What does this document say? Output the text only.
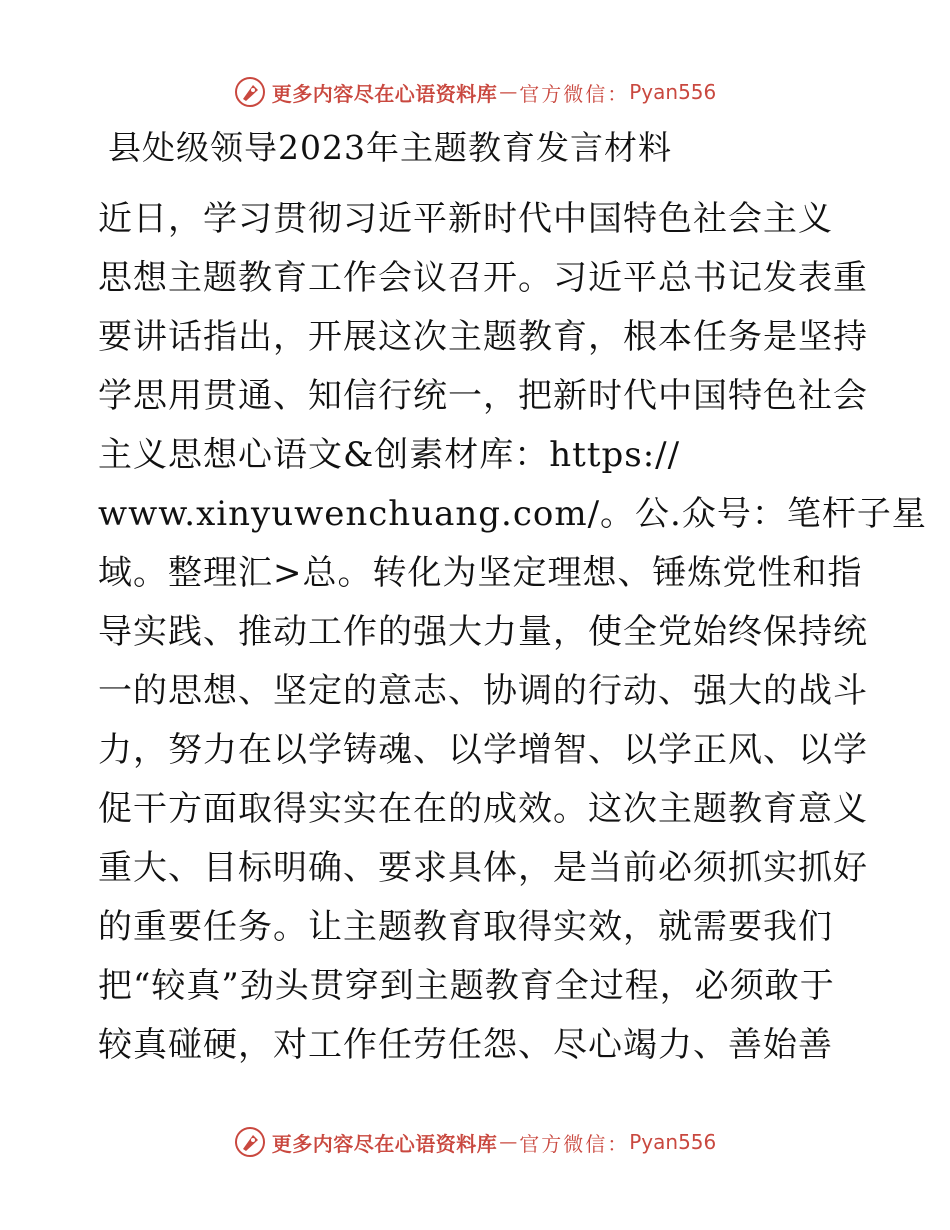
更多内容尽在心语资料库 — 官方微信： Pyan556
县处级领导2023年主题教育发言材料
近日，学习贯彻习近平新时代中国特色社会主义
思想主题教育工作会议召开。习近平总书记发表重
要讲话指出，开展这次主题教育，根本任务是坚持
学思用贯通、知信行统一，把新时代中国特色社会
主义思想心语文&创素材库：https://
www.xinyuwenchuang.com/。公.众号：笔杆子星
域。整理汇>总。转化为坚定理想、锤炼党性和指
导实践、推动工作的强大力量，使全党始终保持统
一的思想、坚定的意志、协调的行动、强大的战斗
力，努力在以学铸魂、以学增智、以学正风、以学
促干方面取得实实在在的成效。这次主题教育意义
重大、目标明确、要求具体，是当前必须抓实抓好
的重要任务。让主题教育取得实效，就需要我们
把“较真”劲头贯穿到主题教育全过程，必须敢于
较真碰硬，对工作任劳任怨、尽心竭力、善始善
更多内容尽在心语资料库 — 官方微信： Pyan556
